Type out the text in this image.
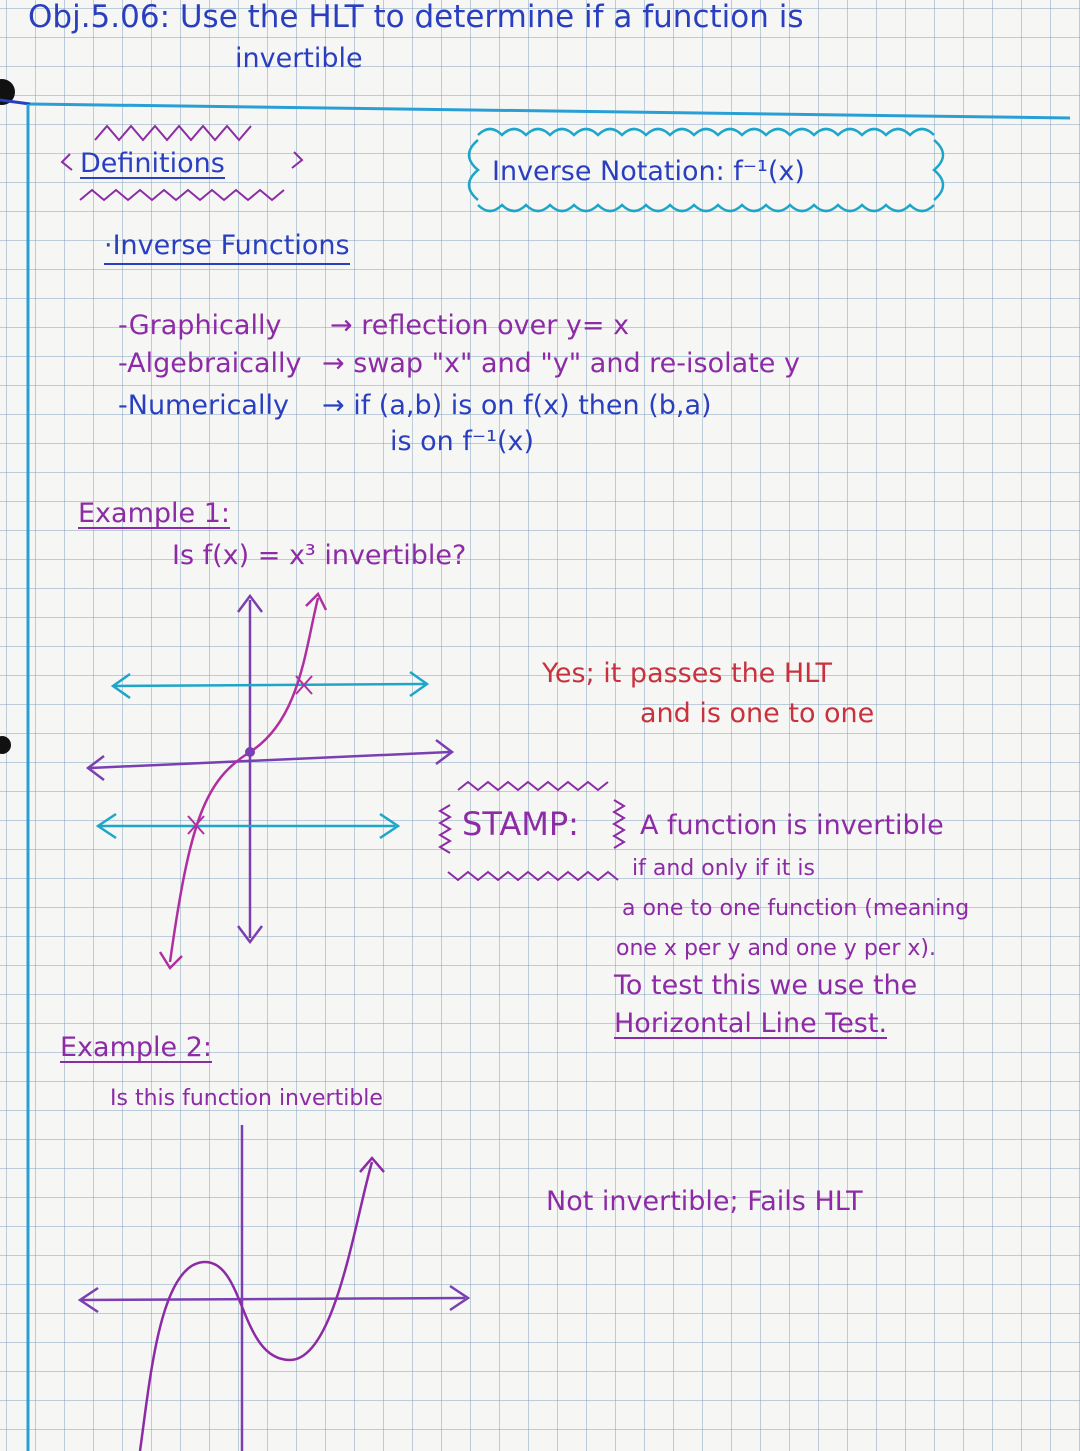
Obj.5.06: Use the HLT to determine if a function is
invertible
Definitions	Inverse Notation: f⁻¹(x)
·Inverse Functions
-Graphically → reflection over y= x
-Algebraically → swap "x" and "y" and re-isolate y
-Numerically → if (a,b) is on f(x) then (b,a)
is on f⁻¹(x)
Example 1:
Is f(x) = x³ invertible?
Yes; it passes the HLT
and is one to one
STAMP: A function is invertible
if and only if it is
a one to one function (meaning
one x per y and one y per x).
To test this we use the
Horizontal Line Test.
Example 2:
Is this function invertible
Not invertible; Fails HLT
